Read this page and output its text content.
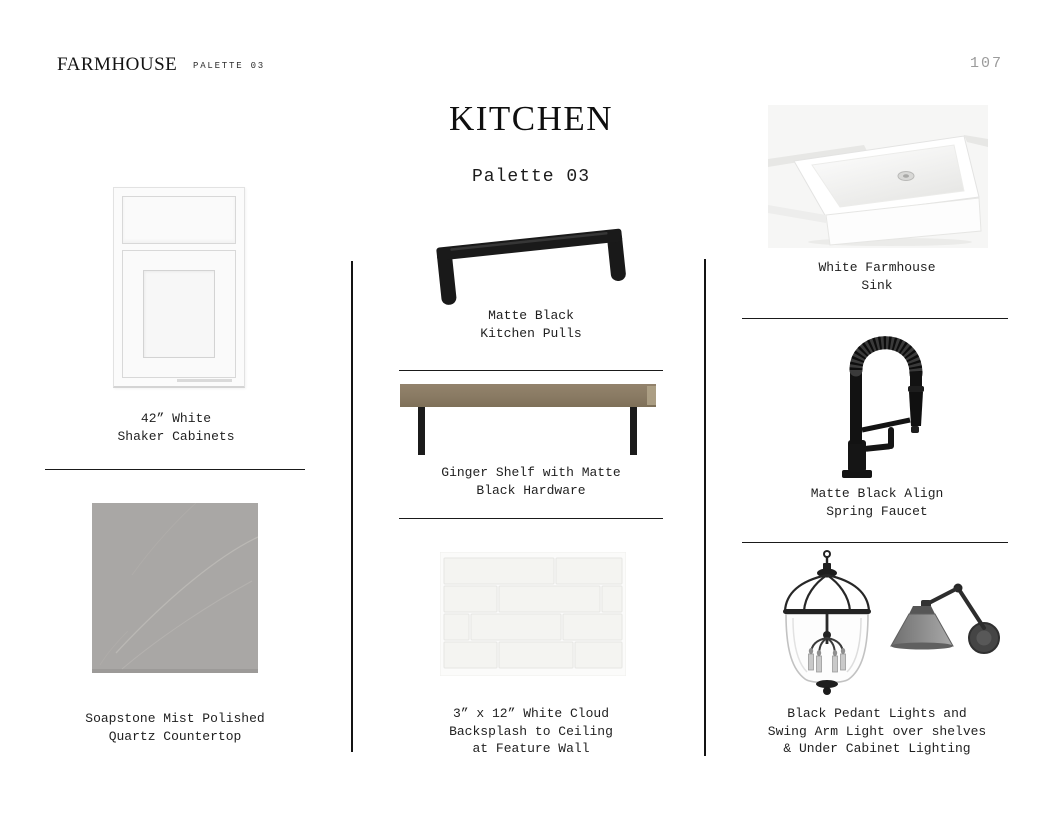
FARMHOUSE PALETTE 03	107
KITCHEN
Palette 03
42” White
Shaker Cabinets
Soapstone Mist Polished
Quartz Countertop
Matte Black
Kitchen Pulls
Ginger Shelf with Matte
Black Hardware
3” x 12” White Cloud
Backsplash to Ceiling
at Feature Wall
White Farmhouse
Sink
Matte Black Align
Spring Faucet
Black Pedant Lights and
Swing Arm Light over shelves
& Under Cabinet Lighting
